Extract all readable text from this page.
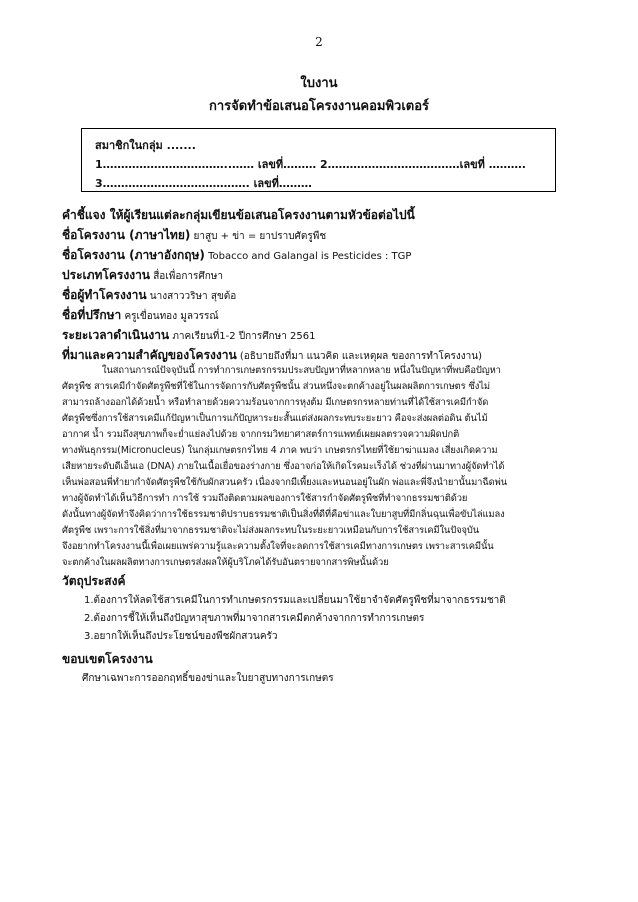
2
ใบงาน
การจัดทำข้อเสนอโครงงานคอมพิวเตอร์
สมาชิกในกลุ่ม .......
1……………………………..…… เลขที่……… 2………………………………เลขที่ ……….
3…………………………………. เลขที่………
คำชี้แจง ให้ผู้เรียนแต่ละกลุ่มเขียนข้อเสนอโครงงานตามหัวข้อต่อไปนี้
ชื่อโครงงาน (ภาษาไทย) ยาสูบ + ข่า = ยาปราบศัตรูพืช
ชื่อโครงงาน (ภาษาอังกฤษ) Tobacco and Galangal is Pesticides : TGP
ประเภทโครงงาน สื่อเพื่อการศึกษา
ชื่อผู้ทำโครงงาน นางสาววริษา สุขต้อ
ชื่อที่ปรึกษา ครูเขื่อนทอง มูลวรรณ์
ระยะเวลาดำเนินงาน ภาคเรียนที่1-2 ปีการศึกษา 2561
ที่มาและความสำคัญของโครงงาน (อธิบายถึงที่มา แนวคิด และเหตุผล ของการทำโครงงาน)
ในสถานการณ์ปัจจุบันนี้ การทำการเกษตรกรรมประสบปัญหาที่หลากหลาย หนึ่งในปัญหาที่พบคือปัญหา
ศัตรูพืช สารเคมีกำจัดศัตรูพืชที่ใช้ในการจัดการกับศัตรูพืชนั้น ส่วนหนึ่งจะตกค้างอยู่ในผลผลิตการเกษตร ซึ่งไม่
สามารถล้างออกได้ด้วยน้ำ หรือทำลายด้วยความร้อนจากการหุงต้ม มีเกษตรกรหลายท่านที่ได้ใช้สารเคมีกำจัด
ศัตรูพืชซึ่งการใช้สารเคมีแก้ปัญหาเป็นการแก้ปัญหาระยะสั้นแต่ส่งผลกระทบระยะยาว คือจะส่งผลต่อดิน ต้นไม้
อากาศ น้ำ รวมถึงสุขภาพก็จะย่ำแย่ลงไปด้วย จากกรมวิทยาศาสตร์การแพทย์เผยผลตรวจความผิดปกติ
ทางพันธุกรรม(Micronucleus) ในกลุ่มเกษตรกรไทย 4 ภาค พบว่า เกษตรกรไทยที่ใช้ยาฆ่าแมลง เสี่ยงเกิดความ
เสียหายระดับดีเอ็นเอ (DNA) ภายในเนื้อเยื่อของร่างกาย ซึ่งอาจก่อให้เกิดโรคมะเร็งได้ ช่วงที่ผ่านมาทางผู้จัดทำได้
เห็นพ่อสอนพี่ทำยากำจัดศัตรูพืชใช้กับผักสวนครัว เนื่องจากมีเพี้ยงและหนอนอยู่ในผัก พ่อและพี่จึงนำยานั้นมาฉีดพ่น
ทางผู้จัดทำได้เห็นวิธีการทำ การใช้ รวมถึงติดตามผลของการใช้สารกำจัดศัตรูพืชที่ทำจากธรรมชาติด้วย
ดังนั้นทางผู้จัดทำจึงคิดว่าการใช้ธรรมชาติปราบธรรมชาติเป็นสิ่งที่ดีที่คือข่าและใบยาสูบที่มีกลิ่นฉุนเพื่อขับไล่แมลง
ศัตรูพืช เพราะการใช้สิ่งที่มาจากธรรมชาติจะไม่ส่งผลกระทบในระยะยาวเหมือนกับการใช้สารเคมีในปัจจุบัน
จึงอยากทำโครงงานนี้เพื่อเผยแพร่ความรู้และความตั้งใจที่จะลดการใช้สารเคมีทางการเกษตร เพราะสารเคมีนั้น
จะตกค้างในผลผลิตทางการเกษตรส่งผลให้ผู้บริโภคได้รับอันตรายจากสารพิษนั้นด้วย
วัตถุประสงค์
1.ต้องการให้ลดใช้สารเคมีในการทำเกษตรกรรมและเปลี่ยนมาใช้ยาจำจัดศัตรูพืชที่มาจากธรรมชาติ
2.ต้องการชี้ให้เห็นถึงปัญหาสุขภาพที่มาจากสารเคมีตกค้างจากการทำการเกษตร
3.อยากให้เห็นถึงประโยชน์ของพืชผักสวนครัว
ขอบเขตโครงงาน
ศึกษาเฉพาะการออกฤทธิ์ของข่าและใบยาสูบทางการเกษตร
